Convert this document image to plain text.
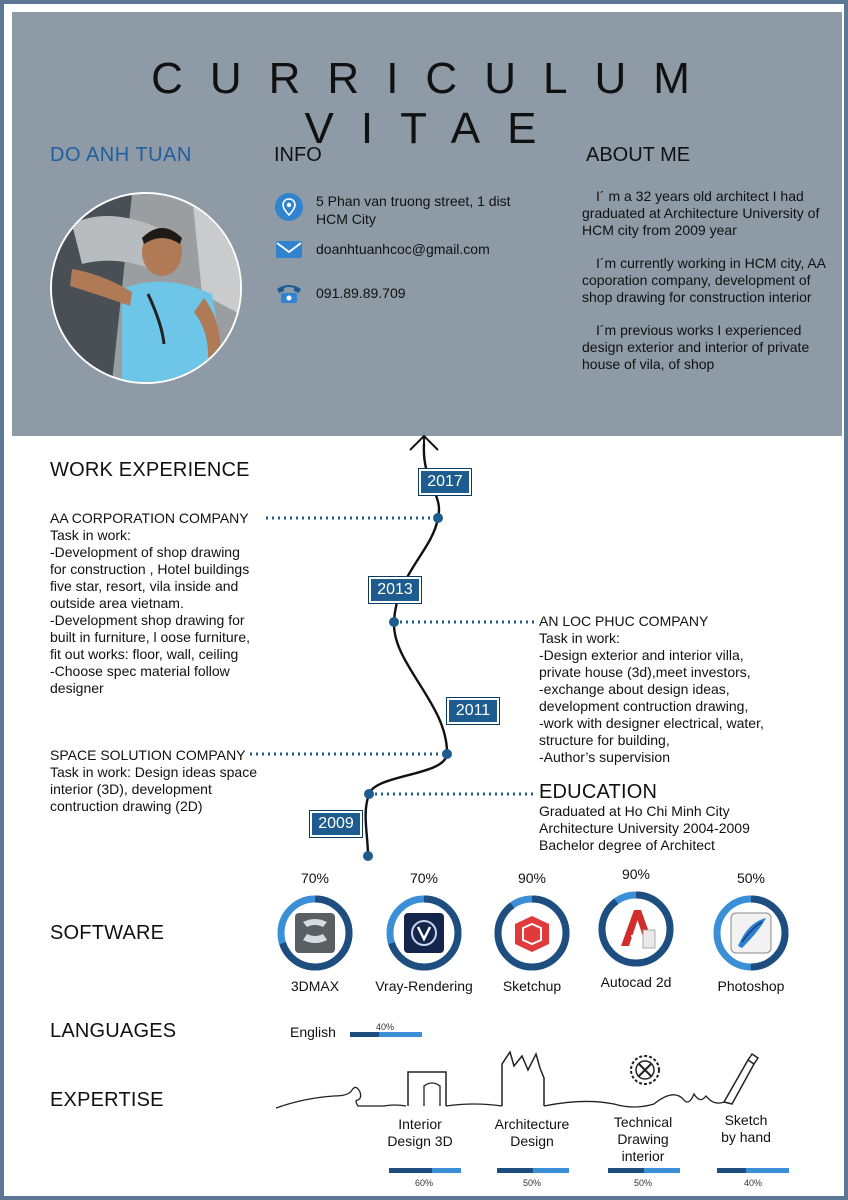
CURRICULUM VITAE
DO ANH TUAN	INFO
5 Phan van truong street, 1 dist
HCM City
doanhtuanhcoc@gmail.com
091.89.89.709
ABOUT ME

I´ m a 32 years old architect I had graduated at Architecture University of HCM city from 2009 year

I´m currently working in HCM city, AA coporation company, development of shop drawing for construction interior

I´m previous works I experienced design exterior and interior of private house of vila, of shop

2017
2013
2011
2009
WORK EXPERIENCE
AA CORPORATION COMPANY
Task in work:
-Development of shop drawing
for construction , Hotel buildings
five star, resort, vila inside and
outside area vietnam.
-Development shop drawing for
built in furniture, l oose furniture,
fit out works: floor, wall, ceiling
-Choose spec material follow
designer
AN LOC PHUC COMPANY
Task in work:
-Design exterior and interior villa,
private house (3d),meet investors,
-exchange about design ideas,
development contruction drawing,
-work with designer electrical, water,
structure for building,
-Author’s supervision
SPACE SOLUTION COMPANY
Task in work: Design ideas space
interior (3D), development
contruction drawing (2D)
EDUCATION
Graduated at Ho Chi Minh City
Architecture University 2004-2009
Bachelor degree of Architect
SOFTWARE
70%
3DMAX
70%
Vray-Rendering
90%
Sketchup
90%
Autocad 2d
50%
Photoshop
LANGUAGES	English	40%
EXPERTISE
Interior
Design 3D
Architecture
Design
Technical
Drawing
interior
Sketch
by hand
60%	50%	50%	40%
